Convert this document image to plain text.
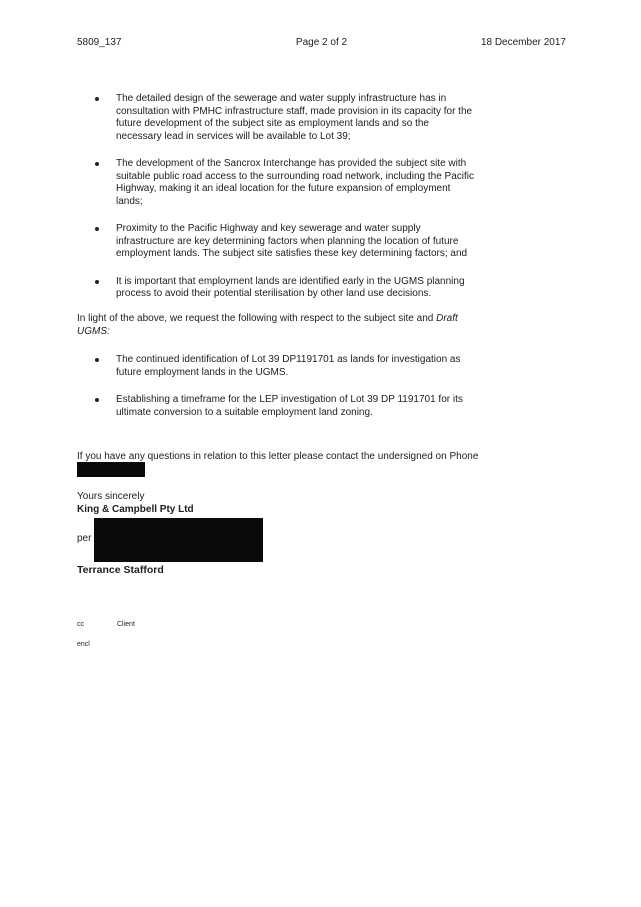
5809_137	Page 2 of 2	18 December 2017
The detailed design of the sewerage and water supply infrastructure has in consultation with PMHC infrastructure staff, made provision in its capacity for the future development of the subject site as employment lands and so the necessary lead in services will be available to Lot 39;
The development of the Sancrox Interchange has provided the subject site with suitable public road access to the surrounding road network, including the Pacific Highway, making it an ideal location for the future expansion of employment lands;
Proximity to the Pacific Highway and key sewerage and water supply infrastructure are key determining factors when planning the location of future employment lands. The subject site satisfies these key determining factors; and
It is important that employment lands are identified early in the UGMS planning process to avoid their potential sterilisation by other land use decisions.

In light of the above, we request the following with respect to the subject site and Draft UGMS:

The continued identification of Lot 39 DP1191701 as lands for investigation as future employment lands in the UGMS.
Establishing a timeframe for the LEP investigation of Lot 39 DP 1191701 for its ultimate conversion to a suitable employment land zoning.

If you have any questions in relation to this letter please contact the undersigned on Phone

Yours sincerely

King & Campbell Pty Ltd

per

Terrance Stafford

cc	Client
encl
